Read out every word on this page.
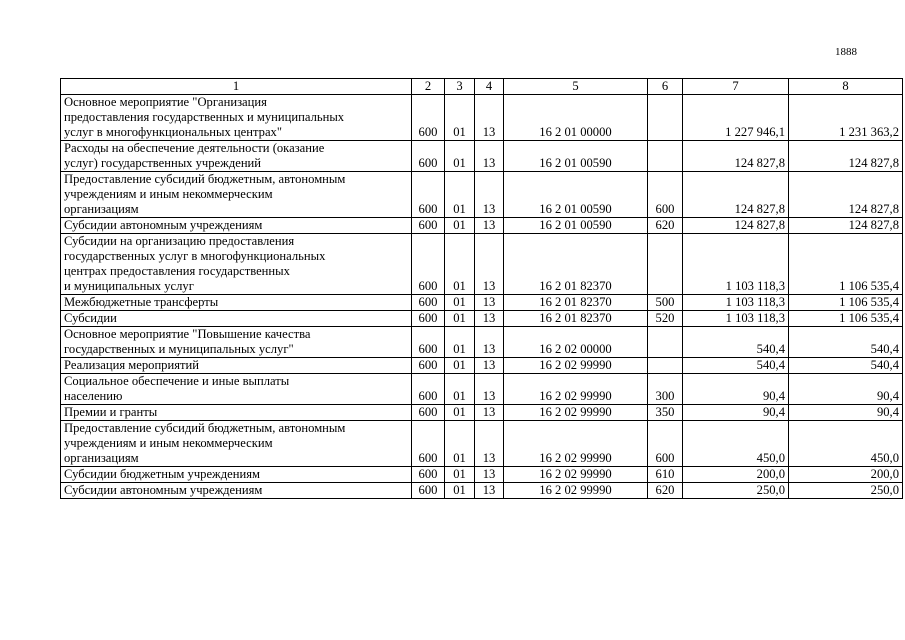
1888
1	2	3	4	5	6	7	8
Основное мероприятие "Организация
предоставления государственных и муниципальных
услуг в многофункциональных центрах"	600	01	13	16 2 01 00000		1 227 946,1	1 231 363,2
Расходы на обеспечение деятельности (оказание
услуг) государственных учреждений	600	01	13	16 2 01 00590		124 827,8	124 827,8
Предоставление субсидий бюджетным, автономным
учреждениям и иным некоммерческим
организациям	600	01	13	16 2 01 00590	600	124 827,8	124 827,8
Субсидии автономным учреждениям	600	01	13	16 2 01 00590	620	124 827,8	124 827,8
Субсидии на организацию предоставления
государственных услуг в многофункциональных
центрах предоставления государственных
и муниципальных услуг	600	01	13	16 2 01 82370		1 103 118,3	1 106 535,4
Межбюджетные трансферты	600	01	13	16 2 01 82370	500	1 103 118,3	1 106 535,4
Субсидии	600	01	13	16 2 01 82370	520	1 103 118,3	1 106 535,4
Основное мероприятие "Повышение качества
государственных и муниципальных услуг"	600	01	13	16 2 02 00000		540,4	540,4
Реализация мероприятий	600	01	13	16 2 02 99990		540,4	540,4
Социальное обеспечение и иные выплаты
населению	600	01	13	16 2 02 99990	300	90,4	90,4
Премии и гранты	600	01	13	16 2 02 99990	350	90,4	90,4
Предоставление субсидий бюджетным, автономным
учреждениям и иным некоммерческим
организациям	600	01	13	16 2 02 99990	600	450,0	450,0
Субсидии бюджетным учреждениям	600	01	13	16 2 02 99990	610	200,0	200,0
Субсидии автономным учреждениям	600	01	13	16 2 02 99990	620	250,0	250,0
